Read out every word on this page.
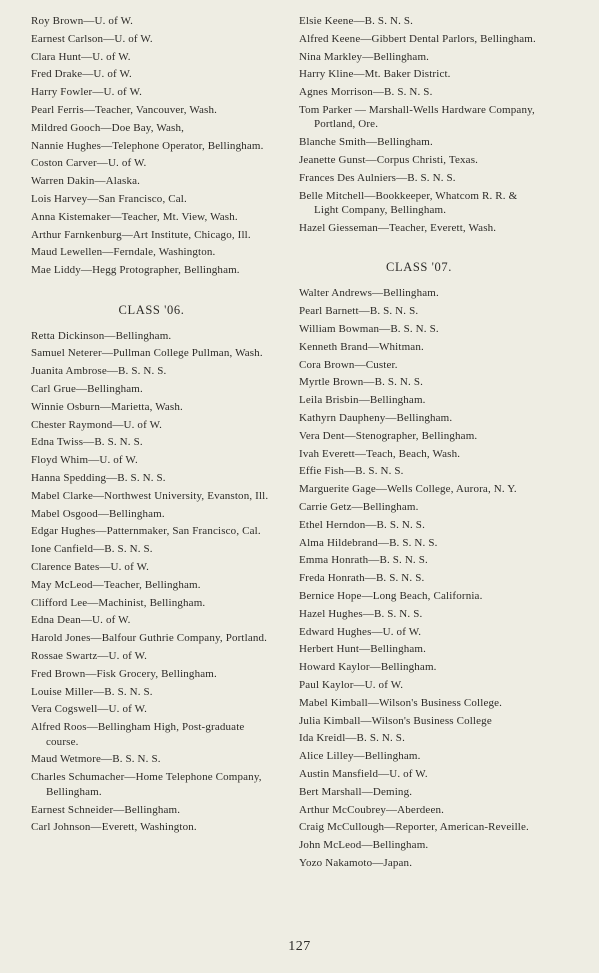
Roy Brown—U. of W.
Earnest Carlson—U. of W.
Clara Hunt—U. of W.
Fred Drake—U. of W.
Harry Fowler—U. of W.
Pearl Ferris—Teacher, Vancouver, Wash.
Mildred Gooch—Doe Bay, Wash,
Nannie Hughes—Telephone Operator, Bellingham.
Coston Carver—U. of W.
Warren Dakin—Alaska.
Lois Harvey—San Francisco, Cal.
Anna Kistemaker—Teacher, Mt. View, Wash.
Arthur Farnkenburg—Art Institute, Chicago, Ill.
Maud Lewellen—Ferndale, Washington.
Mae Liddy—Hegg Protographer, Bellingham.
CLASS '06.
Retta Dickinson—Bellingham.
Samuel Neterer—Pullman College Pullman, Wash.
Juanita Ambrose—B. S. N. S.
Carl Grue—Bellingham.
Winnie Osburn—Marietta, Wash.
Chester Raymond—U. of W.
Edna Twiss—B. S. N. S.
Floyd Whim—U. of W.
Hanna Spedding—B. S. N. S.
Mabel Clarke—Northwest University, Evanston, Ill.
Mabel Osgood—Bellingham.
Edgar Hughes—Patternmaker, San Francisco, Cal.
Ione Canfield—B. S. N. S.
Clarence Bates—U. of W.
May McLeod—Teacher, Bellingham.
Clifford Lee—Machinist, Bellingham.
Edna Dean—U. of W.
Harold Jones—Balfour Guthrie Company, Portland.
Rossae Swartz—U. of W.
Fred Brown—Fisk Grocery, Bellingham.
Louise Miller—B. S. N. S.
Vera Cogswell—U. of W.
Alfred Roos—Bellingham High, Post-graduate course.
Maud Wetmore—B. S. N. S.
Charles Schumacher—Home Telephone Company, Bellingham.
Earnest Schneider—Bellingham.
Carl Johnson—Everett, Washington.
Elsie Keene—B. S. N. S.
Alfred Keene—Gibbert Dental Parlors, Bellingham.
Nina Markley—Bellingham.
Harry Kline—Mt. Baker District.
Agnes Morrison—B. S. N. S.
Tom Parker — Marshall-Wells Hardware Company, Portland, Ore.
Blanche Smith—Bellingham.
Jeanette Gunst—Corpus Christi, Texas.
Frances Des Aulniers—B. S. N. S.
Belle Mitchell—Bookkeeper, Whatcom R. R. & Light Company, Bellingham.
Hazel Giesseman—Teacher, Everett, Wash.
CLASS '07.
Walter Andrews—Bellingham.
Pearl Barnett—B. S. N. S.
William Bowman—B. S. N. S.
Kenneth Brand—Whitman.
Cora Brown—Custer.
Myrtle Brown—B. S. N. S.
Leila Brisbin—Bellingham.
Kathyrn Daupheny—Bellingham.
Vera Dent—Stenographer, Bellingham.
Ivah Everett—Teach, Beach, Wash.
Effie Fish—B. S. N. S.
Marguerite Gage—Wells College, Aurora, N. Y.
Carrie Getz—Bellingham.
Ethel Herndon—B. S. N. S.
Alma Hildebrand—B. S. N. S.
Emma Honrath—B. S. N. S.
Freda Honrath—B. S. N. S.
Bernice Hope—Long Beach, California.
Hazel Hughes—B. S. N. S.
Edward Hughes—U. of W.
Herbert Hunt—Bellingham.
Howard Kaylor—Bellingham.
Paul Kaylor—U. of W.
Mabel Kimball—Wilson's Business College.
Julia Kimball—Wilson's Business College
Ida Kreidl—B. S. N. S.
Alice Lilley—Bellingham.
Austin Mansfield—U. of W.
Bert Marshall—Deming.
Arthur McCoubrey—Aberdeen.
Craig McCullough—Reporter, American-Reveille.
John McLeod—Bellingham.
Yozo Nakamoto—Japan.
127
